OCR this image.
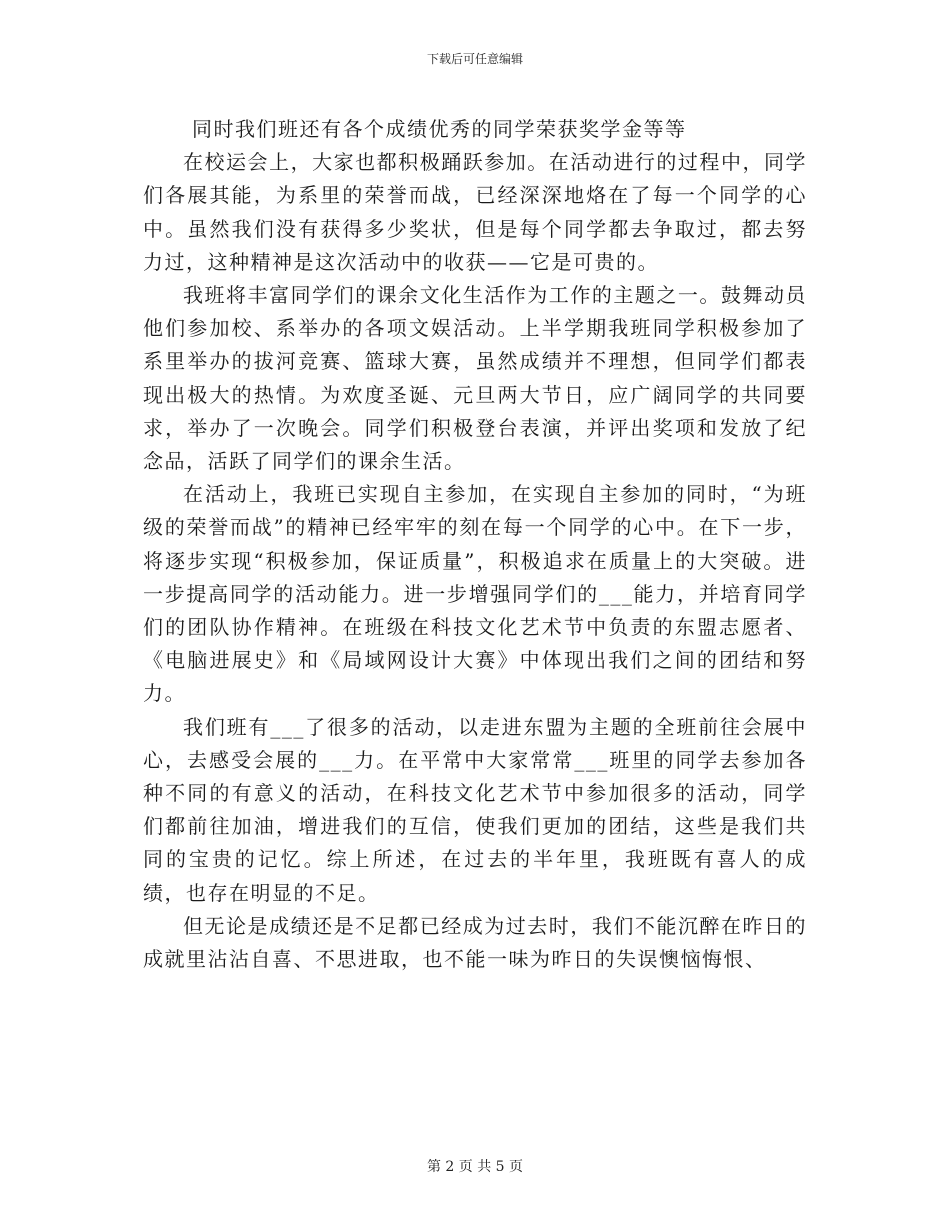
下载后可任意编辑

同时我们班还有各个成绩优秀的同学荣获奖学金等等

在校运会上，大家也都积极踊跃参加。在活动进行的过程中，同学们各展其能，为系里的荣誉而战，已经深深地烙在了每一个同学的心中。虽然我们没有获得多少奖状，但是每个同学都去争取过，都去努力过，这种精神是这次活动中的收获——它是可贵的。

我班将丰富同学们的课余文化生活作为工作的主题之一。鼓舞动员他们参加校、系举办的各项文娱活动。上半学期我班同学积极参加了系里举办的拔河竞赛、篮球大赛，虽然成绩并不理想，但同学们都表现出极大的热情。为欢度圣诞、元旦两大节日，应广阔同学的共同要求，举办了一次晚会。同学们积极登台表演，并评出奖项和发放了纪念品，活跃了同学们的课余生活。

在活动上，我班已实现自主参加，在实现自主参加的同时，“为班级的荣誉而战”的精神已经牢牢的刻在每一个同学的心中。在下一步，将逐步实现“积极参加，保证质量”，积极追求在质量上的大突破。进一步提高同学的活动能力。进一步增强同学们的___能力，并培育同学们的团队协作精神。在班级在科技文化艺术节中负责的东盟志愿者、《电脑进展史》和《局域网设计大赛》中体现出我们之间的团结和努力。

我们班有___了很多的活动，以走进东盟为主题的全班前往会展中心，去感受会展的___力。在平常中大家常常___班里的同学去参加各种不同的有意义的活动，在科技文化艺术节中参加很多的活动，同学们都前往加油，增进我们的互信，使我们更加的团结，这些是我们共同的宝贵的记忆。综上所述，在过去的半年里，我班既有喜人的成绩，也存在明显的不足。

但无论是成绩还是不足都已经成为过去时，我们不能沉醉在昨日的成就里沾沾自喜、不思进取，也不能一味为昨日的失误懊恼悔恨、

第 2 页 共 5 页
